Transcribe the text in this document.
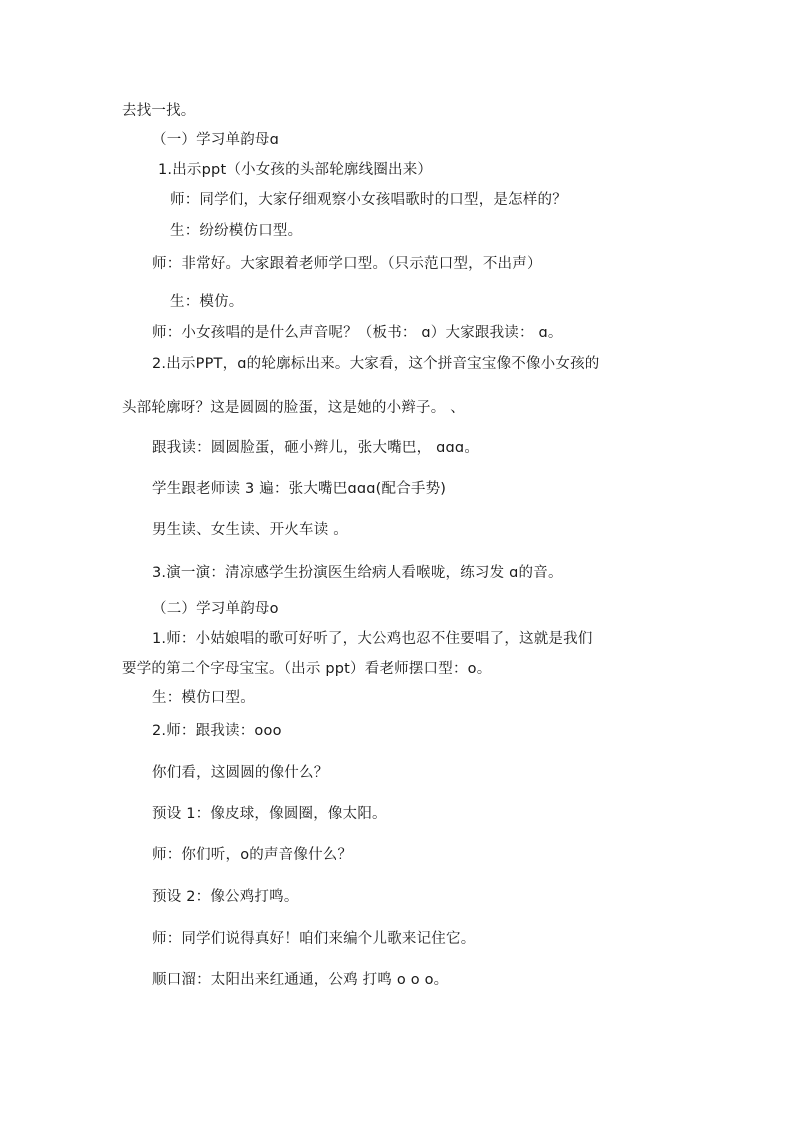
去找一找。
（一）学习单韵母ɑ
1.出示ppt（小女孩的头部轮廓线圈出来）
师：同学们，大家仔细观察小女孩唱歌时的口型，是怎样的？
生：纷纷模仿口型。
师：非常好。大家跟着老师学口型。（只示范口型，不出声）
生：模仿。
师：小女孩唱的是什么声音呢？（板书： ɑ）大家跟我读： ɑ。
2.出示PPT，ɑ的轮廓标出来。大家看，这个拼音宝宝像不像小女孩的
头部轮廓呀？这是圆圆的脸蛋，这是她的小辫子。 、
跟我读：圆圆脸蛋，砸小辫儿，张大嘴巴， ɑɑɑ。
学生跟老师读 3 遍：张大嘴巴ɑɑɑ(配合手势)
男生读、女生读、开火车读 。
3.演一演：清凉感学生扮演医生给病人看喉咙，练习发 ɑ的音。
（二）学习单韵母o
1.师：小姑娘唱的歌可好听了，大公鸡也忍不住要唱了，这就是我们
要学的第二个字母宝宝。（出示 ppt）看老师摆口型：o。
生：模仿口型。
2.师：跟我读：ooo
你们看，这圆圆的像什么？
预设 1：像皮球，像圆圈，像太阳。
师：你们听，o的声音像什么？
预设 2：像公鸡打鸣。
师：同学们说得真好！咱们来编个儿歌来记住它。
顺口溜：太阳出来红通通，公鸡 打鸣 o o o。
